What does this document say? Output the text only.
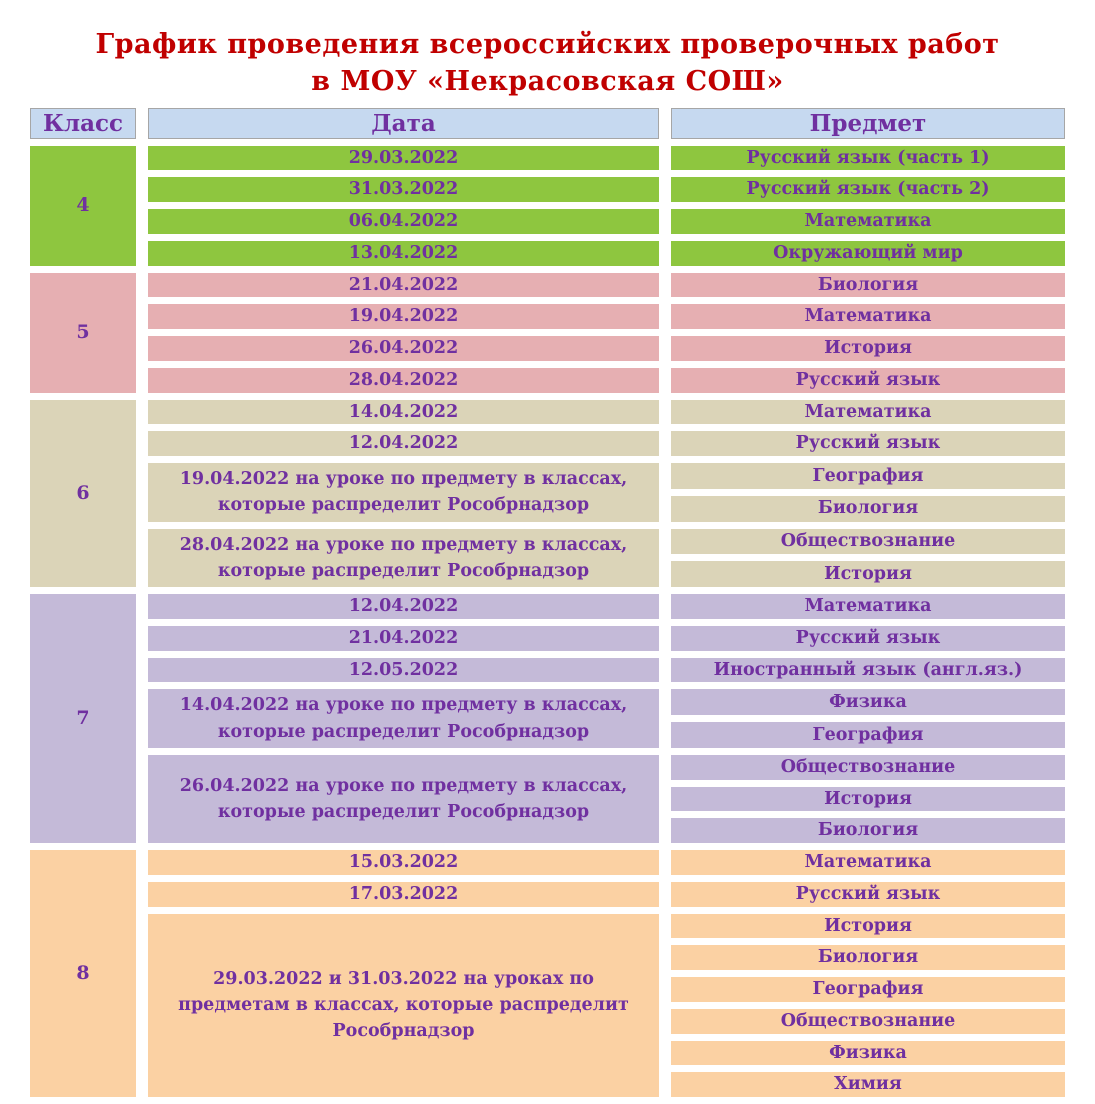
График проведения всероссийских проверочных работ
в МОУ «Некрасовская СОШ»
Класс	Дата	Предмет
4	29.03.2022	Русский язык (часть 1)
	31.03.2022	Русский язык (часть 2)
	06.04.2022	Математика
	13.04.2022	Окружающий мир
5	21.04.2022	Биология
	19.04.2022	Математика
	26.04.2022	История
	28.04.2022	Русский язык
6	14.04.2022	Математика
	12.04.2022	Русский язык
	19.04.2022 на уроке по предмету в классах, которые распределит Рособрнадзор	География
		Биология
	28.04.2022 на уроке по предмету в классах, которые распределит Рособрнадзор	Обществознание
		История
7	12.04.2022	Математика
	21.04.2022	Русский язык
	12.05.2022	Иностранный язык (англ.яз.)
	14.04.2022 на уроке по предмету в классах, которые распределит Рособрнадзор	Физика
		География
	26.04.2022 на уроке по предмету в классах, которые распределит Рособрнадзор	Обществознание
		История
		Биология
8	15.03.2022	Математика
	17.03.2022	Русский язык
	29.03.2022 и 31.03.2022 на уроках по предметам в классах, которые распределит Рособрнадзор	История
		Биология
		География
		Обществознание
		Физика
		Химия
